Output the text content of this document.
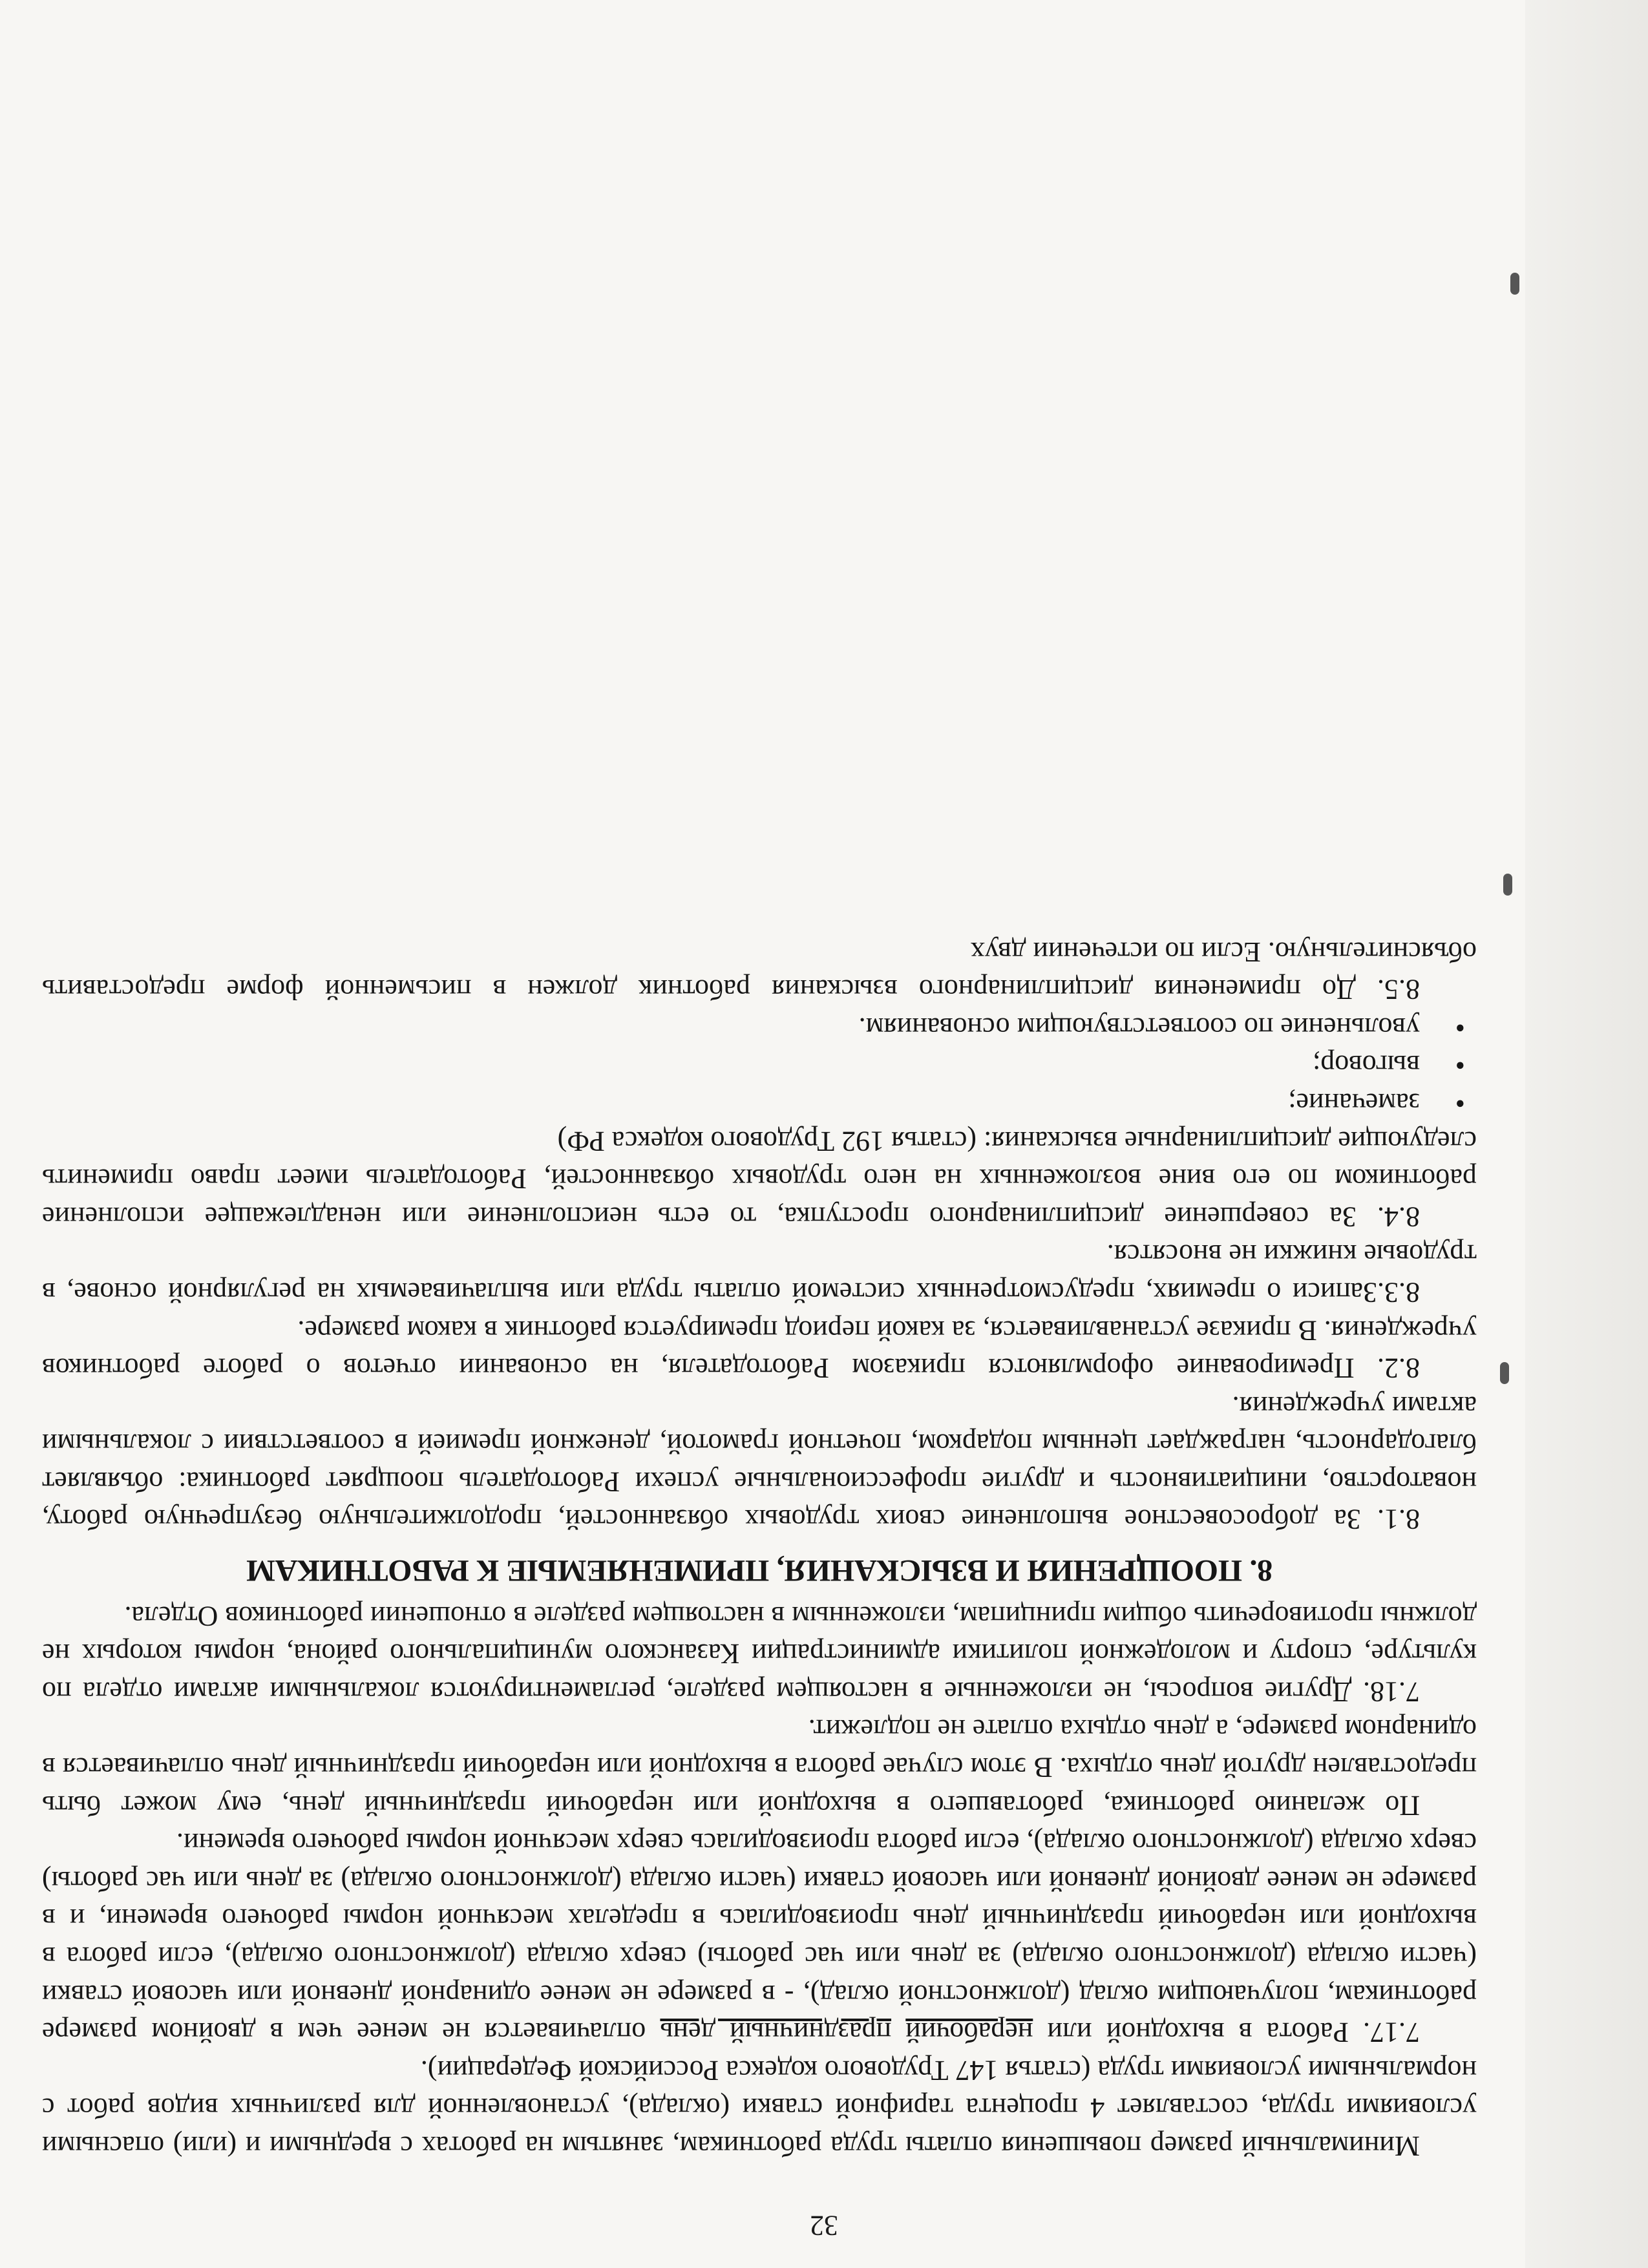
32

Минимальный размер повышения оплаты труда работникам, занятым на работах с вредными и (или) опасными условиями труда, составляет 4 процента тарифной ставки (оклада), установленной для различных видов работ с нормальными условиями труда (статья 147 Трудового кодекса Российской Федерации).

7.17. Работа в выходной или нерабочий праздничный день оплачивается не менее чем в двойном размере работникам, получающим оклад (должностной оклад), - в размере не менее одинарной дневной или часовой ставки (части оклада (должностного оклада) за день или час работы) сверх оклада (должностного оклада), если работа в выходной или нерабочий праздничный день производилась в пределах месячной нормы рабочего времени, и в размере не менее двойной дневной или часовой ставки (части оклада (должностного оклада) за день или час работы) сверх оклада (должностного оклада), если работа производилась сверх месячной нормы рабочего времени.

По желанию работника, работавшего в выходной или нерабочий праздничный день, ему может быть предоставлен другой день отдыха. В этом случае работа в выходной или нерабочий праздничный день оплачивается в одинарном размере, а день отдыха оплате не подлежит.

7.18. Другие вопросы, не изложенные в настоящем разделе, регламентируются локальными актами отдела по культуре, спорту и молодежной политики администрации Казанского муниципального района, нормы которых не должны противоречить общим принципам, изложенным в настоящем разделе в отношении работников Отдела.

8. ПООЩРЕНИЯ И ВЗЫСКАНИЯ, ПРИМЕНЯЕМЫЕ К РАБОТНИКАМ

8.1. За добросовестное выполнение своих трудовых обязанностей, продолжительную безупречную работу, новаторство, инициативность и другие профессиональные успехи Работодатель поощряет работника: объявляет благодарность, награждает ценным подарком, почетной грамотой, денежной премией в соответствии с локальными актами учреждения.

8.2. Премирование оформляются приказом Работодателя, на основании отчетов о работе работников учреждения. В приказе устанавливается, за какой период премируется работник в каком размере.

8.3.Записи о премиях, предусмотренных системой оплаты труда или выплачиваемых на регулярной основе, в трудовые книжки не вносятся.

8.4. За совершение дисциплинарного проступка, то есть неисполнение или ненадлежащее исполнение работником по его вине возложенных на него трудовых обязанностей, Работодатель имеет право применить следующие дисциплинарные взыскания: (статья 192 Трудового кодекса РФ)

• замечание;
• выговор;
• увольнение по соответствующим основаниям.

8.5. До применения дисциплинарного взыскания работник должен в письменной форме предоставить объяснительную. Если по истечении двух
